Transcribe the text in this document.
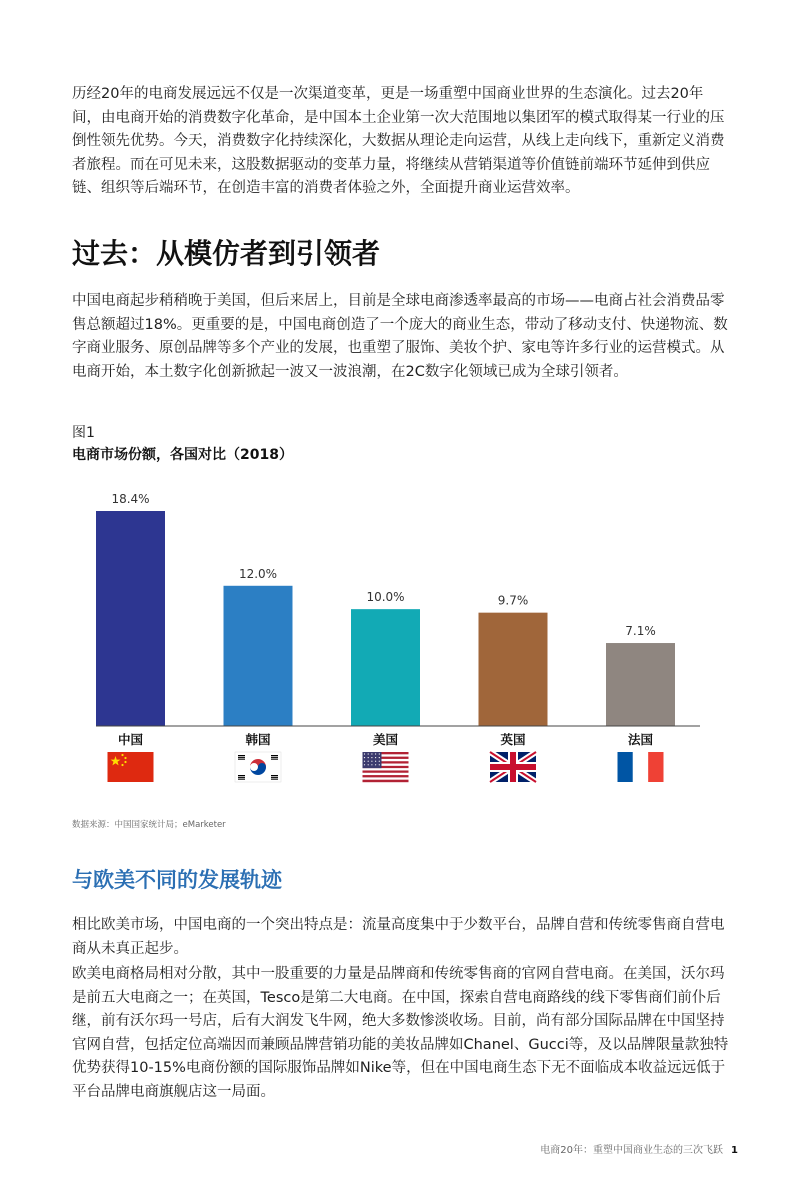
历经20年的电商发展远远不仅是一次渠道变革，更是一场重塑中国商业世界的生态演化。过去20年间，由电商开始的消费数字化革命，是中国本土企业第一次大范围地以集团军的模式取得某一行业的压倒性领先优势。今天，消费数字化持续深化，大数据从理论走向运营，从线上走向线下，重新定义消费者旅程。而在可见未来，这股数据驱动的变革力量，将继续从营销渠道等价值链前端环节延伸到供应链、组织等后端环节，在创造丰富的消费者体验之外，全面提升商业运营效率。

过去：从模仿者到引领者

中国电商起步稍稍晚于美国，但后来居上，目前是全球电商渗透率最高的市场——电商占社会消费品零售总额超过18%。更重要的是，中国电商创造了一个庞大的商业生态，带动了移动支付、快递物流、数字商业服务、原创品牌等多个产业的发展，也重塑了服饰、美妆个护、家电等许多行业的运营模式。从电商开始，本土数字化创新掀起一波又一波浪潮，在2C数字化领域已成为全球引领者。

图1
电商市场份额，各国对比（2018）
18.4%
中国
12.0%
韩国
10.0%
美国
9.7%
英国
7.1%
法国
数据来源：中国国家统计局；eMarketer
与欧美不同的发展轨迹

相比欧美市场，中国电商的一个突出特点是：流量高度集中于少数平台，品牌自营和传统零售商自营电商从未真正起步。

欧美电商格局相对分散，其中一股重要的力量是品牌商和传统零售商的官网自营电商。在美国，沃尔玛是前五大电商之一；在英国，Tesco是第二大电商。在中国，探索自营电商路线的线下零售商们前仆后继，前有沃尔玛一号店，后有大润发飞牛网，绝大多数惨淡收场。目前，尚有部分国际品牌在中国坚持官网自营，包括定位高端因而兼顾品牌营销功能的美妆品牌如Chanel、Gucci等，及以品牌限量款独特优势获得10-15%电商份额的国际服饰品牌如Nike等，但在中国电商生态下无不面临成本收益远远低于平台品牌电商旗舰店这一局面。

电商20年：重塑中国商业生态的三次飞跃 1
